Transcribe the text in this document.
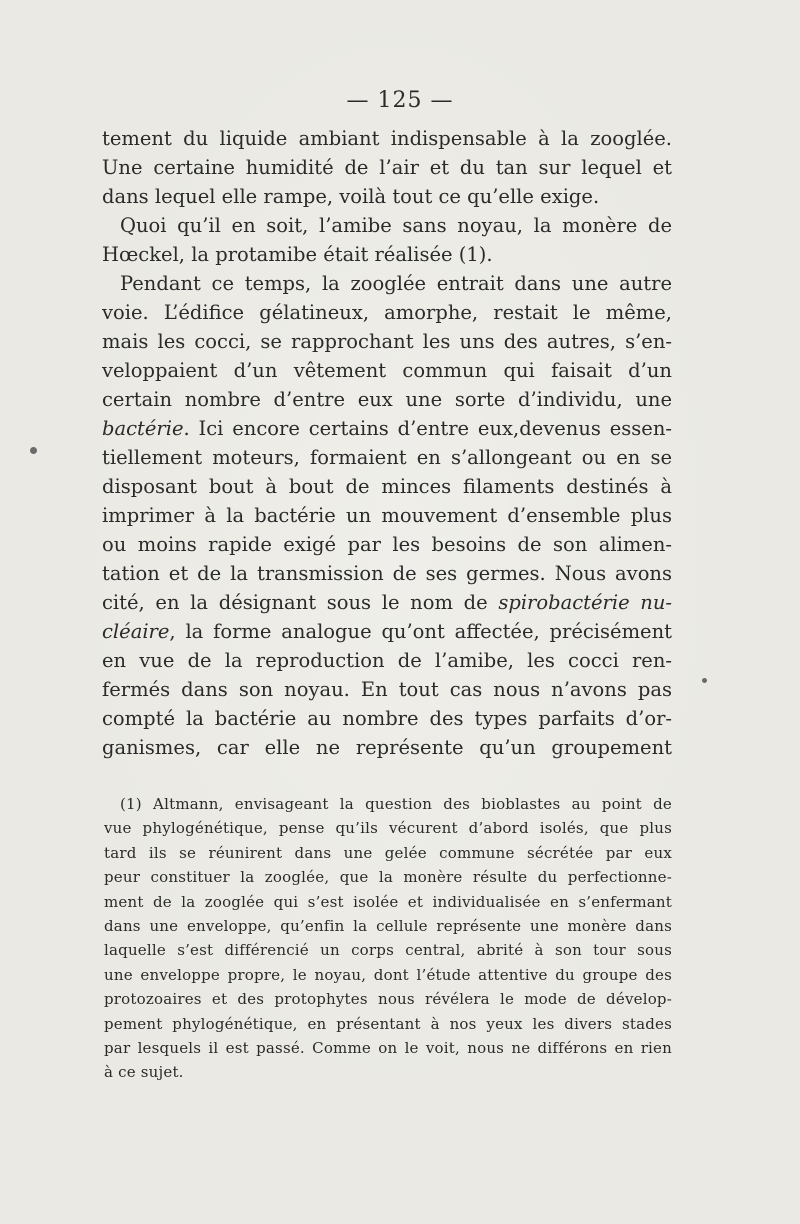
— 125 —
tement du liquide ambiant indispensable à la zooglée.
Une certaine humidité de l’air et du tan sur lequel et
dans lequel elle rampe, voilà tout ce qu’elle exige.
Quoi qu’il en soit, l’amibe sans noyau, la monère de
Hœckel, la protamibe était réalisée (1).
Pendant ce temps, la zooglée entrait dans une autre
voie. L’édifice gélatineux, amorphe, restait le même,
mais les cocci, se rapprochant les uns des autres, s’en-
veloppaient d’un vêtement commun qui faisait d’un
certain nombre d’entre eux une sorte d’individu, une
bactérie. Ici encore certains d’entre eux,devenus essen-
tiellement moteurs, formaient en s’allongeant ou en se
disposant bout à bout de minces filaments destinés à
imprimer à la bactérie un mouvement d’ensemble plus
ou moins rapide exigé par les besoins de son alimen-
tation et de la transmission de ses germes. Nous avons
cité, en la désignant sous le nom de spirobactérie nu-
cléaire, la forme analogue qu’ont affectée, précisément
en vue de la reproduction de l’amibe, les cocci ren-
fermés dans son noyau. En tout cas nous n’avons pas
compté la bactérie au nombre des types parfaits d’or-
ganismes, car elle ne représente qu’un groupement
(1) Altmann, envisageant la question des bioblastes au point de
vue phylogénétique, pense qu’ils vécurent d’abord isolés, que plus
tard ils se réunirent dans une gelée commune sécrétée par eux
peur constituer la zooglée, que la monère résulte du perfectionne-
ment de la zooglée qui s’est isolée et individualisée en s’enfermant
dans une enveloppe, qu’enfin la cellule représente une monère dans
laquelle s’est différencié un corps central, abrité à son tour sous
une enveloppe propre, le noyau, dont l’étude attentive du groupe des
protozoaires et des protophytes nous révélera le mode de dévelop-
pement phylogénétique, en présentant à nos yeux les divers stades
par lesquels il est passé. Comme on le voit, nous ne différons en rien
à ce sujet.
